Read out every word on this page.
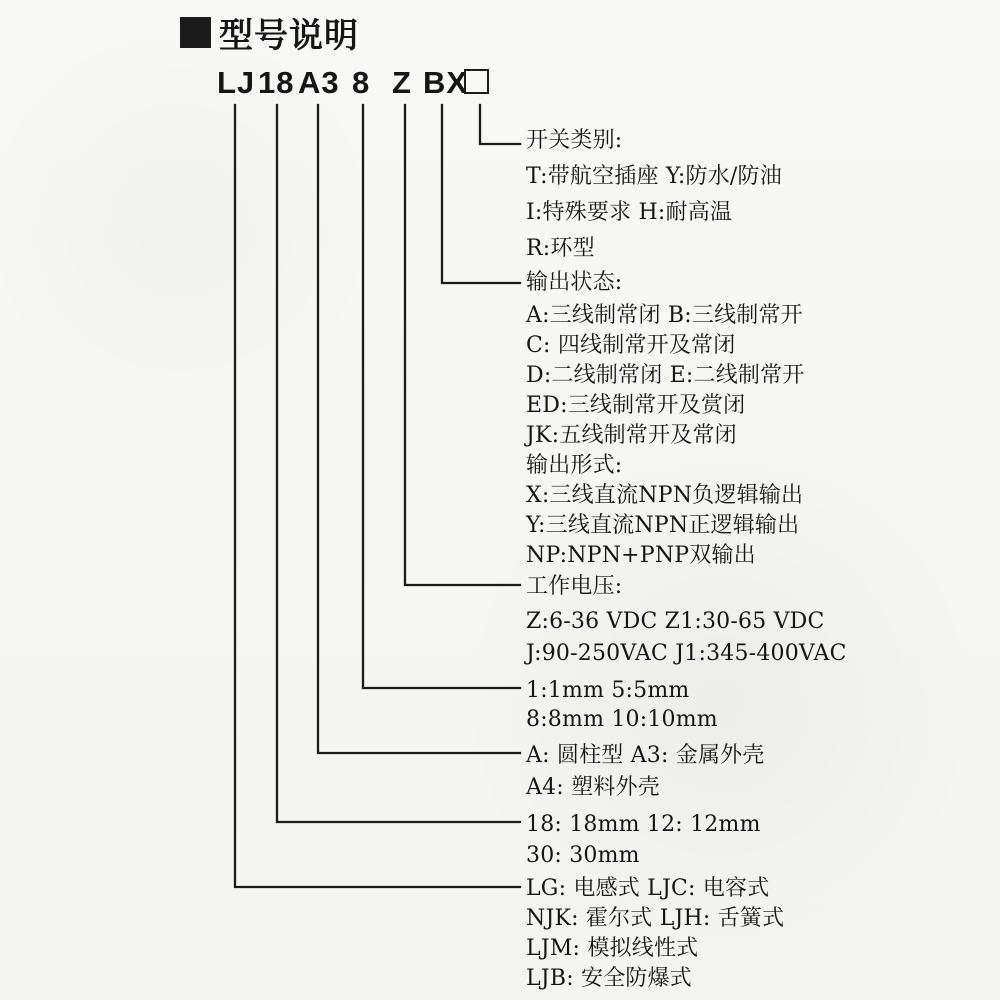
型号说明
LJ 18 A3 8 Z BX
开关类别:
T:带航空插座 Y:防水/防油
I:特殊要求 H:耐高温
R:环型
输出状态:
A:三线制常闭 B:三线制常开
C: 四线制常开及常闭
D:二线制常闭 E:二线制常开
ED:三线制常开及赏闭
JK:五线制常开及常闭
输出形式:
X:三线直流NPN负逻辑输出
Y:三线直流NPN正逻辑输出
NP:NPN+PNP双输出
工作电压:
Z:6-36 VDC Z1:30-65 VDC
J:90-250VAC J1:345-400VAC
1:1mm 5:5mm
8:8mm 10:10mm
A: 圆柱型 A3: 金属外壳
A4: 塑料外壳
18: 18mm 12: 12mm
30: 30mm
LG: 电感式 LJC: 电容式
NJK: 霍尔式 LJH: 舌簧式
LJM: 模拟线性式
LJB: 安全防爆式
